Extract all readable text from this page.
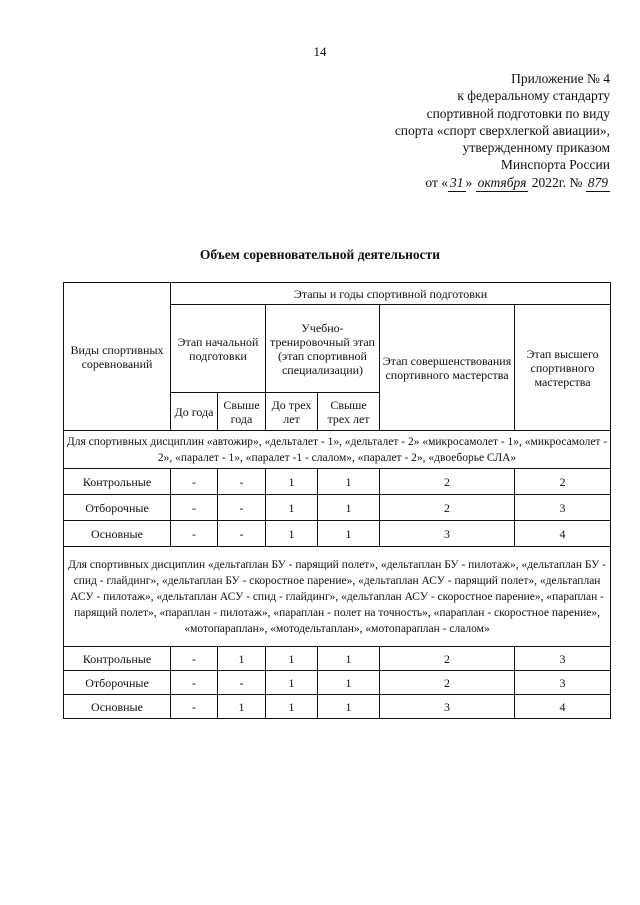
14
Приложение № 4
к федеральному стандарту
спортивной подготовки по виду
спорта «спорт сверхлегкой авиации»,
утвержденному приказом
Минспорта России
от « 31 » октября 2022г. № 879
Объем соревновательной деятельности
Виды спортивных соревнований	Этапы и годы спортивной подготовки					
	Этап начальной подготовки		Учебно-тренировочный этап (этап спортивной специализации)		Этап совершенствования спортивного мастерства	Этап высшего спортивного мастерства
	До года	Свыше года	До трех лет	Свыше трех лет		
Для спортивных дисциплин «автожир», «дельталет - 1», «дельталет - 2» «микросамолет - 1», «микросамолет - 2», «паралет - 1», «паралет -1 - слалом», «паралет - 2», «двоеборье СЛА»						
Контрольные	-	-	1	1	2	2
Отборочные	-	-	1	1	2	3
Основные	-	-	1	1	3	4
Для спортивных дисциплин «дельтаплан БУ - парящий полет», «дельтаплан БУ - пилотаж», «дельтаплан БУ - спид - глайдинг», «дельтаплан БУ - скоростное парение», «дельтаплан АСУ - парящий полет», «дельтаплан АСУ - пилотаж», «дельтаплан АСУ - спид - глайдинг», «дельтаплан АСУ - скоростное парение», «параплан - парящий полет», «параплан - пилотаж», «параплан - полет на точность», «параплан - скоростное парение», «мотопараплан», «мотодельтаплан», «мотопараплан - слалом»						
Контрольные	-	1	1	1	2	3
Отборочные	-	-	1	1	2	3
Основные	-	1	1	1	3	4
